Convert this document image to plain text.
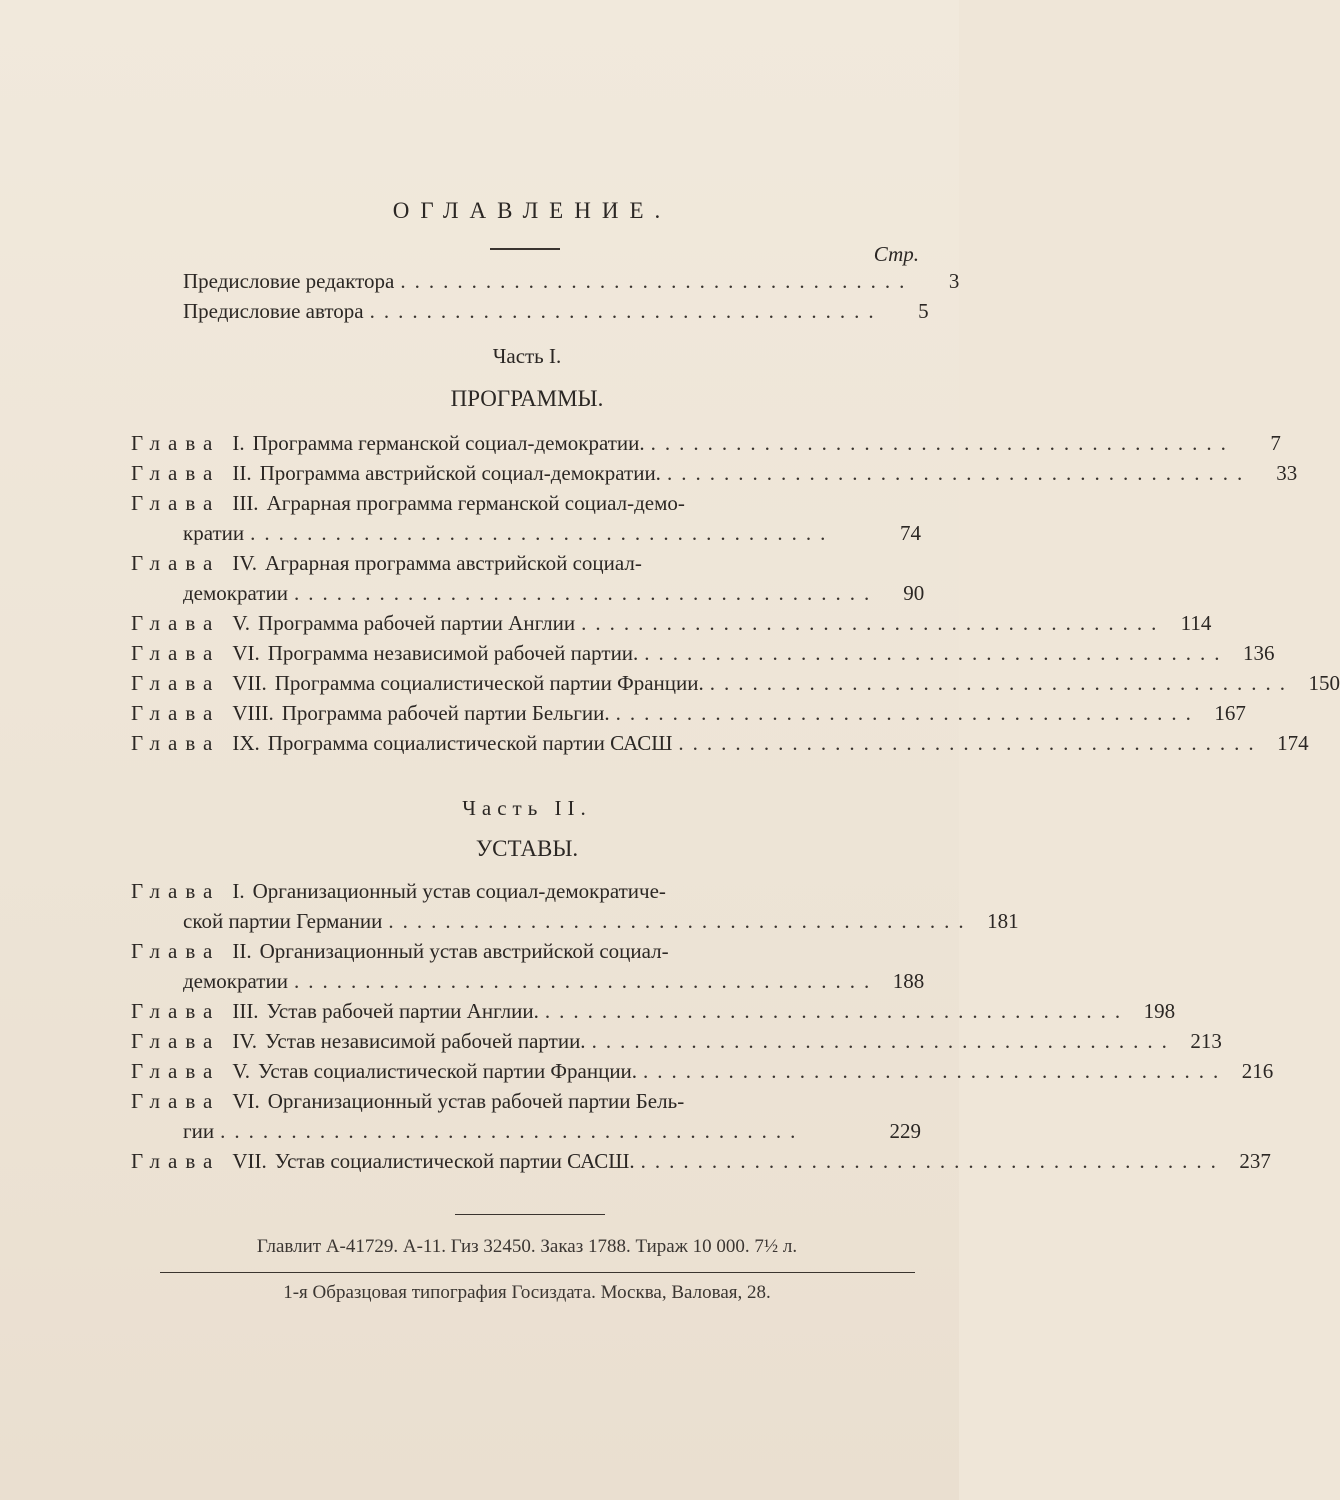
ОГЛАВЛЕНИЕ.
Стр.
Предисловие редактора ....................................	3
Предисловие автора ....................................	5
Часть I.
ПРОГРАММЫ.
Часть II.
УСТАВЫ.
Главлит А-41729. А-11. Гиз 32450. Заказ 1788. Тираж 10 000. 7½ л.
1-я Образцовая типография Госиздата. Москва, Валовая, 28.
Глава I. Программа германской социал-демократии. .........................................	7
Глава II. Программа австрийской социал-демократии. .........................................	33
Глава III. Аграрная программа германской социал-демо-
кратии .........................................	74
Глава IV. Аграрная программа австрийской социал-
демократии .........................................	90
Глава V. Программа рабочей партии Англии ......................................... 114
Глава VI. Программа независимой рабочей партии. ......................................... 136
Глава VII. Программа социалистической партии Франции. ......................................... 150
Глава VIII. Программа рабочей партии Бельгии. ......................................... 167
Глава IX. Программа социалистической партии САСШ ......................................... 174
Глава I. Организационный устав социал-демократиче-
ской партии Германии ......................................... 181
Глава II. Организационный устав австрийской социал-
демократии ......................................... 188
Глава III. Устав рабочей партии Англии. ......................................... 198
Глава IV. Устав независимой рабочей партии. ......................................... 213
Глава V. Устав социалистической партии Франции. ......................................... 216
Глава VI. Организационный устав рабочей партии Бель-
гии .........................................	229
Глава VII. Устав социалистической партии САСШ. ......................................... 237
